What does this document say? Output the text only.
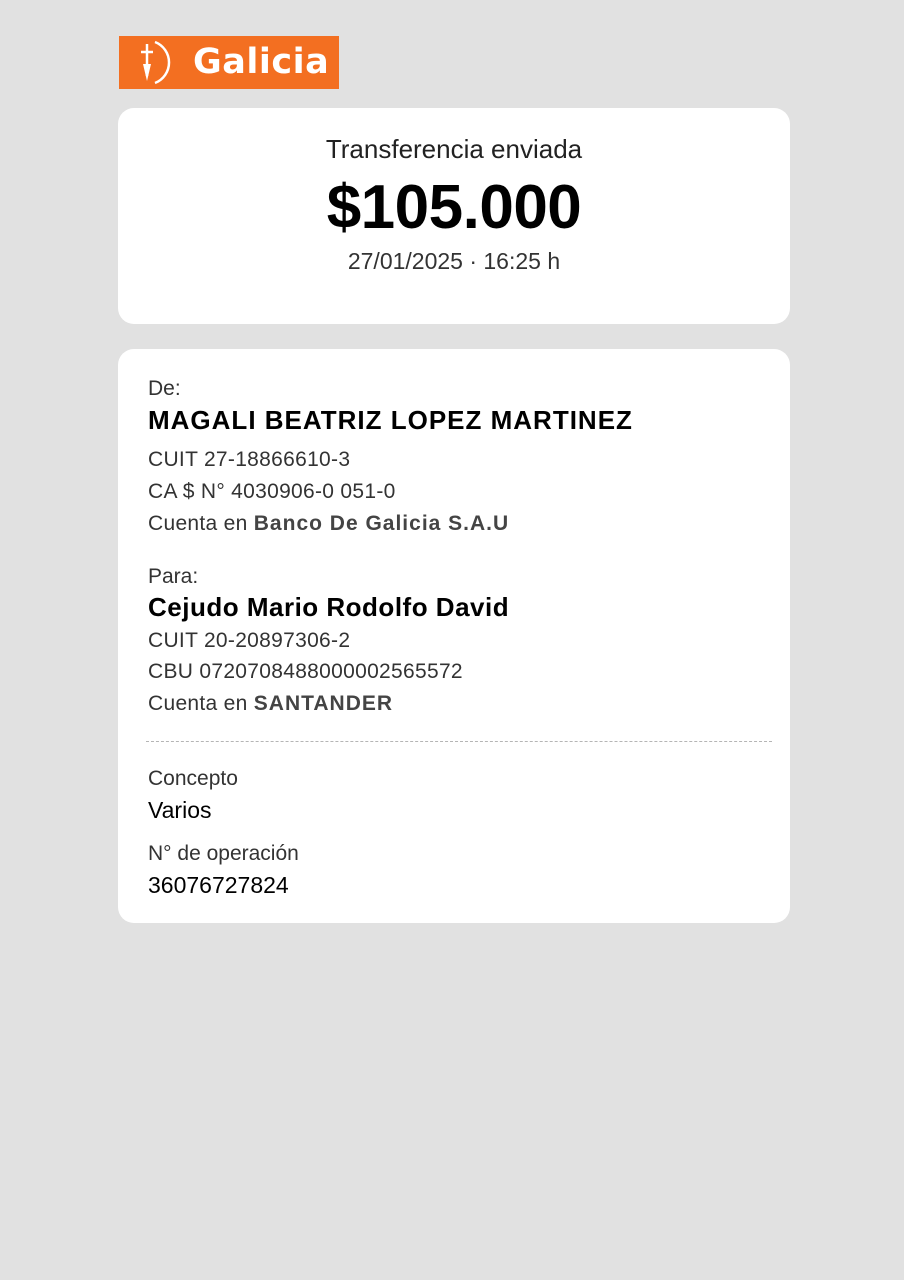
Galicia
Transferencia enviada
$105.000
27/01/2025 · 16:25 h
De:
MAGALI BEATRIZ LOPEZ MARTINEZ
CUIT 27-18866610-3
CA $ N° 4030906-0 051-0
Cuenta en Banco De Galicia S.A.U
Para:
Cejudo Mario Rodolfo David
CUIT 20-20897306-2
CBU 0720708488000002565572
Cuenta en SANTANDER
Concepto
Varios
N° de operación
36076727824
